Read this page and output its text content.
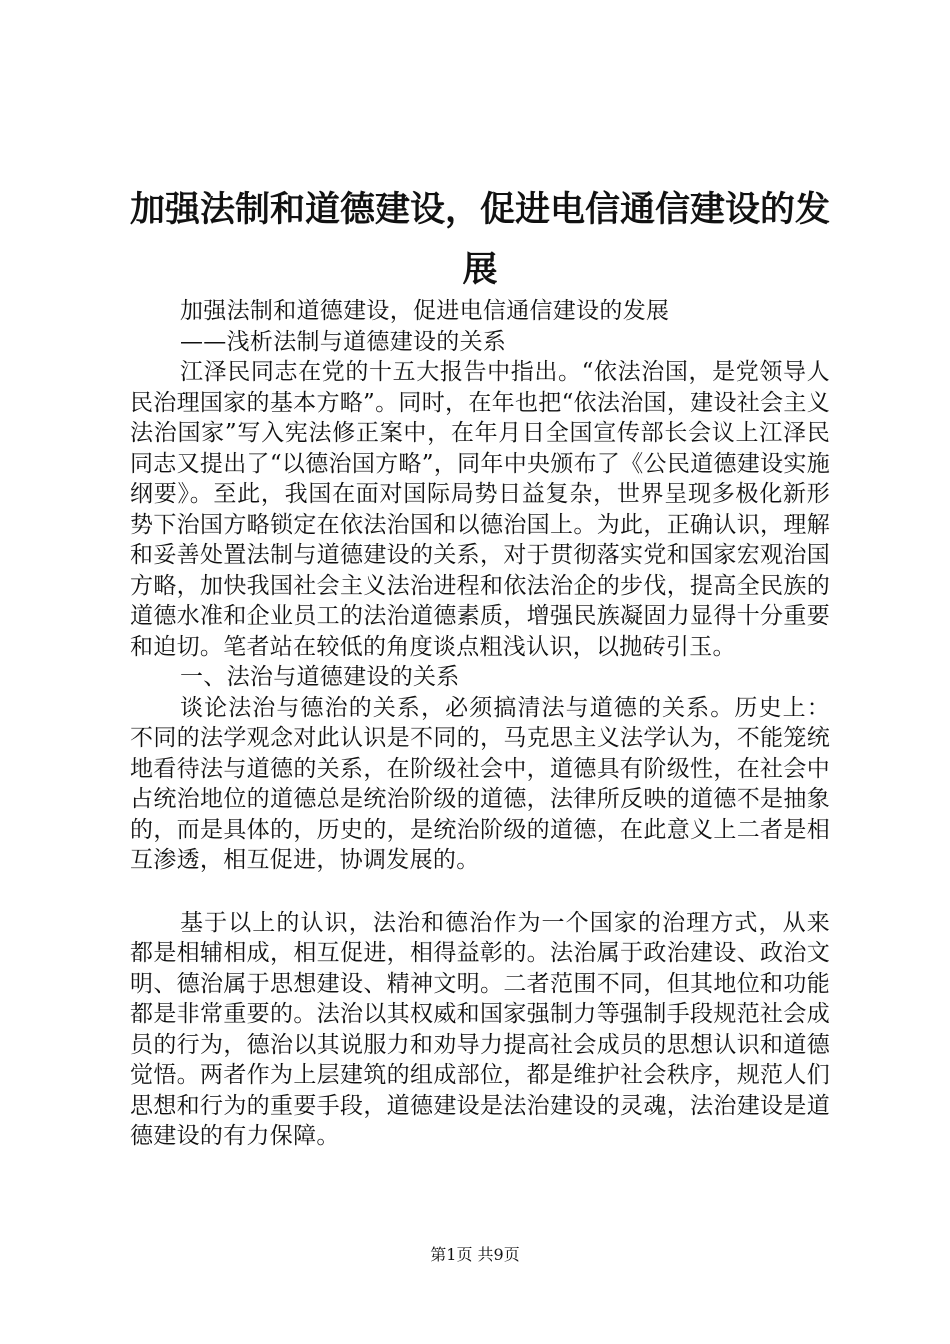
加强法制和道德建设，促进电信通信建设的发
展

加强法制和道德建设，促进电信通信建设的发展

——浅析法制与道德建设的关系

江泽民同志在党的十五大报告中指出。“依法治国，是党领导人民治理国家的基本方略”。同时，在年也把“依法治国，建设社会主义法治国家”写入宪法修正案中，在年月日全国宣传部长会议上江泽民同志又提出了“以德治国方略”，同年中央颁布了《公民道德建设实施纲要》。至此，我国在面对国际局势日益复杂，世界呈现多极化新形势下治国方略锁定在依法治国和以德治国上。为此，正确认识，理解和妥善处置法制与道德建设的关系，对于贯彻落实党和国家宏观治国方略，加快我国社会主义法治进程和依法治企的步伐，提高全民族的道德水准和企业员工的法治道德素质，增强民族凝固力显得十分重要和迫切。笔者站在较低的角度谈点粗浅认识，以抛砖引玉。

一、法治与道德建设的关系

谈论法治与德治的关系，必须搞清法与道德的关系。历史上：不同的法学观念对此认识是不同的，马克思主义法学认为，不能笼统地看待法与道德的关系，在阶级社会中，道德具有阶级性，在社会中占统治地位的道德总是统治阶级的道德，法律所反映的道德不是抽象的，而是具体的，历史的，是统治阶级的道德，在此意义上二者是相互渗透，相互促进，协调发展的。

基于以上的认识，法治和德治作为一个国家的治理方式，从来都是相辅相成，相互促进，相得益彰的。法治属于政治建设、政治文明、德治属于思想建设、精神文明。二者范围不同，但其地位和功能都是非常重要的。法治以其权威和国家强制力等强制手段规范社会成员的行为，德治以其说服力和劝导力提高社会成员的思想认识和道德觉悟。两者作为上层建筑的组成部位，都是维护社会秩序，规范人们思想和行为的重要手段，道德建设是法治建设的灵魂，法治建设是道德建设的有力保障。

第1页 共9页
